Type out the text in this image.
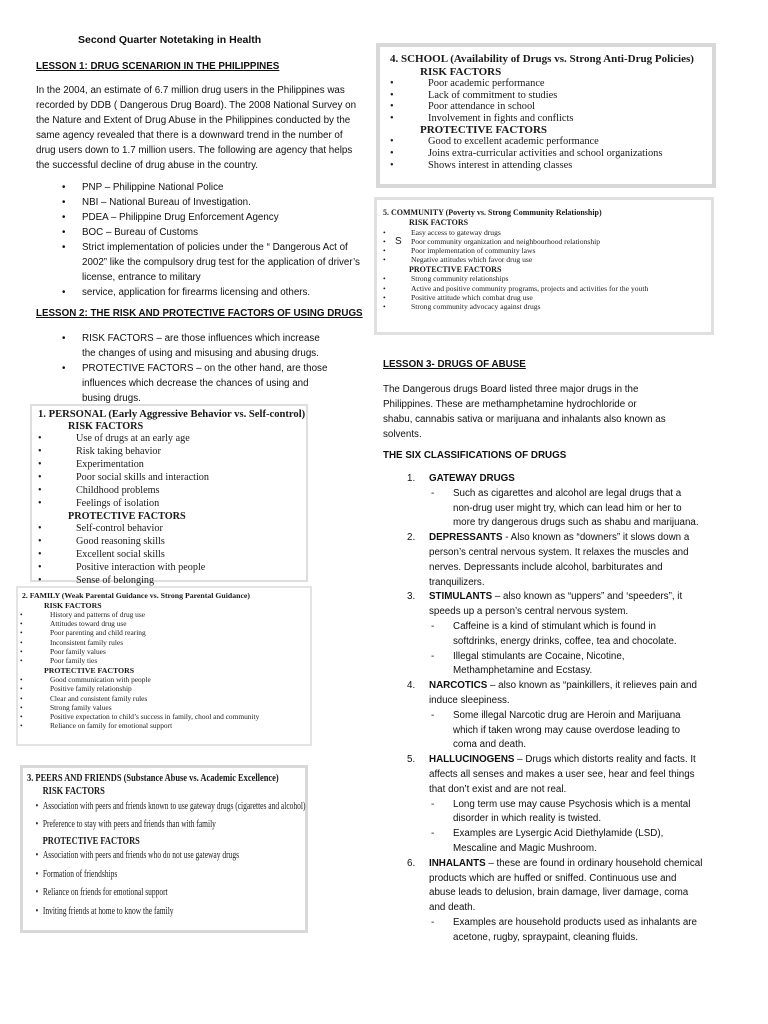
Second Quarter Notetaking in Health
LESSON 1: DRUG SCENARION IN THE PHILIPPINES
In the 2004, an estimate of 6.7 million drug users in the Philippines was
recorded by DDB ( Dangerous Drug Board). The 2008 National Survey on
the Nature and Extent of Drug Abuse in the Philippines conducted by the
same agency revealed that there is a downward trend in the number of
drug users down to 1.7 million users. The following are agency that helps
the successful decline of drug abuse in the country.
• PNP – Philippine National Police
• NBI – National Bureau of Investigation.
• PDEA – Philippine Drug Enforcement Agency
• BOC – Bureau of Customs
• Strict implementation of policies under the “ Dangerous Act of 2002” like the compulsory drug test for the application of driver’s license, entrance to military
• service, application for firearms licensing and others.
LESSON 2: THE RISK AND PROTECTIVE FACTORS OF USING DRUGS
• RISK FACTORS – are those influences which increase the changes of using and misusing and abusing drugs.
• PROTECTIVE FACTORS – on the other hand, are those influences which decrease the chances of using and busing drugs.
4. SCHOOL (Availability of Drugs vs. Strong Anti-Drug Policies)
RISK FACTORS
• Poor academic performance
• Lack of commitment to studies
• Poor attendance in school
• Involvement in fights and conflicts
PROTECTIVE FACTORS
• Good to excellent academic performance
• Joins extra-curricular activities and school organizations
• Shows interest in attending classes
5. COMMUNITY (Poverty vs. Strong Community Relationship)
RISK FACTORS
• Easy access to gateway drugs
• Poor community organization and neighbourhood relationship
• Poor implementation of community laws
• Negative attitudes which favor drug use
PROTECTIVE FACTORS
• Strong community relationships
• Active and positive community programs, projects and activities for the youth
• Positive attitude which combat drug use
• Strong community advocacy against drugs
S
1. PERSONAL (Early Aggressive Behavior vs. Self-control)
RISK FACTORS
• Use of drugs at an early age
• Risk taking behavior
• Experimentation
• Poor social skills and interaction
• Childhood problems
• Feelings of isolation
PROTECTIVE FACTORS
• Self-control behavior
• Good reasoning skills
• Excellent social skills
• Positive interaction with people
• Sense of belonging
2. FAMILY (Weak Parental Guidance vs. Strong Parental Guidance)
RISK FACTORS
• History and patterns of drug use
• Attitudes toward drug use
• Poor parenting and child rearing
• Inconsistent family rules
• Poor family values
• Poor family ties
PROTECTIVE FACTORS
• Good communication with people
• Positive family relationship
• Clear and consistent family rules
• Strong family values
• Positive expectation to child’s success in family, chool and community
• Reliance on family for emotional support
3. PEERS AND FRIENDS (Substance Abuse vs. Academic Excellence)
RISK FACTORS
• Association with peers and friends known to use gateway drugs (cigarettes and alcohol)
• Preference to stay with peers and friends than with family
PROTECTIVE FACTORS
• Association with peers and friends who do not use gateway drugs
• Formation of friendships
• Reliance on friends for emotional support
• Inviting friends at home to know the family
LESSON 3- DRUGS OF ABUSE
The Dangerous drugs Board listed three major drugs in the
Philippines. These are methamphetamine hydrochloride or
shabu, cannabis sativa or marijuana and inhalants also known as
solvents.
THE SIX CLASSIFICATIONS OF DRUGS
1. GATEWAY DRUGS
- Such as cigarettes and alcohol are legal drugs that a non-drug user might try, which can lead him or her to more try dangerous drugs such as shabu and marijuana.
2. DEPRESSANTS - Also known as “downers” it slows down a person’s central nervous system. It relaxes the muscles and nerves. Depressants include alcohol, barbiturates and tranquilizers.
3. STIMULANTS – also known as “uppers” and ‘speeders”, it speeds up a person’s central nervous system.
- Caffeine is a kind of stimulant which is found in softdrinks, energy drinks, coffee, tea and chocolate.
- Illegal stimulants are Cocaine, Nicotine, Methamphetamine and Ecstasy.
4. NARCOTICS – also known as “painkillers, it relieves pain and induce sleepiness.
- Some illegal Narcotic drug are Heroin and Marijuana which if taken wrong may cause overdose leading to coma and death.
5. HALLUCINOGENS – Drugs which distorts reality and facts. It affects all senses and makes a user see, hear and feel things that don’t exist and are not real.
- Long term use may cause Psychosis which is a mental disorder in which reality is twisted.
- Examples are Lysergic Acid Diethylamide (LSD), Mescaline and Magic Mushroom.
6. INHALANTS – these are found in ordinary household chemical products which are huffed or sniffed. Continuous use and abuse leads to delusion, brain damage, liver damage, coma and death.
- Examples are household products used as inhalants are acetone, rugby, spraypaint, cleaning fluids.
